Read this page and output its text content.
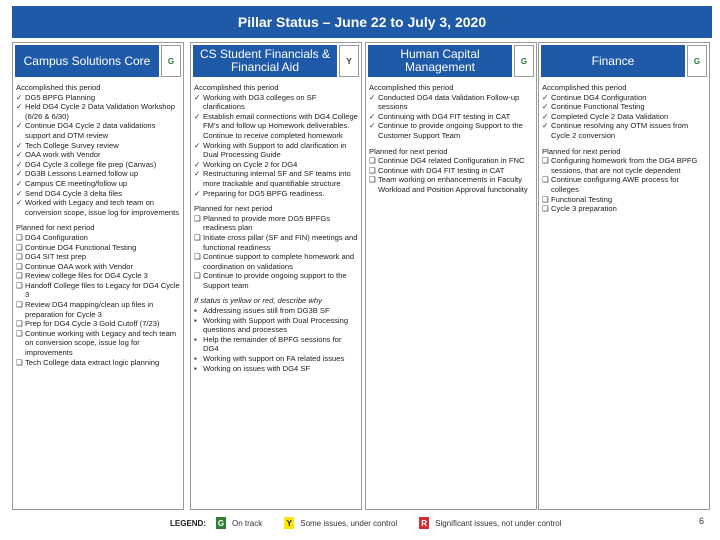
Pillar Status – June 22 to July 3, 2020
Campus Solutions Core	G
Accomplished this period
✓ DG5 BPFG Planning
✓ Held DG4 Cycle 2 Data Validation Workshop (6/26 & 6/30)
✓ Continue DG4 Cycle 2 data validations support and OTM review
✓ Tech College Survey review
✓ OAA work with Vendor
✓ DG4 Cycle 3 college file prep (Canvas)
✓ DG3B Lessons Learned follow up
✓ Campus CE meeting/follow up
✓ Send DG4 Cycle 3 delta files
✓ Worked with Legacy and tech team on conversion scope, issue log for improvements
Planned for next period
❑ DG4 Configuration
❑ Continue DG4 Functional Testing
❑ DG4 SIT test prep
❑ Continue OAA work with Vendor
❑ Review college files for DG4 Cycle 3
❑ Handoff College files to Legacy for DG4 Cycle 3
❑ Review DG4 mapping/clean up files in preparation for Cycle 3
❑ Prep for DG4 Cycle 3 Gold Cutoff (7/23)
❑ Continue working with Legacy and tech team on conversion scope, issue log for improvements
❑ Tech College data extract logic planning
CS Student Financials & Financial Aid	Y
Accomplished this period
✓ Working with DG3 colleges on SF clarifications
✓ Establish email connections with DG4 College FM’s and follow up Homework deliverables. Continue to receive completed homework
✓ Working with Support to add clarification in Dual Processing Guide
✓ Working on Cycle 2 for DG4
✓ Restructuring internal SF and SF teams into more trackable and quantifiable structure
✓ Preparing for DG5 BPFG readiness.
Planned for next period
❑ Planned to provide more DG5 BPFGs readiness plan
❑ Initiate cross pillar (SF and FIN) meetings and functional readiness
❑ Continue support to complete homework and coordination on validations
❑ Continue to provide ongoing support to the Support team
If status is yellow or red, describe why
▪ Addressing issues still from DG3B SF
▪ Working with Support with Dual Processing questions and processes
▪ Help the remainder of BPFG sessions for DG4
▪ Working with support on FA related issues
▪ Working on issues with DG4 SF
Human Capital Management	G
Accomplished this period
✓ Conducted DG4 data Validation Follow-up sessions
✓ Continuing with DG4 FIT testing in CAT
✓ Continue to provide ongoing Support to the Customer Support Team
Planned for next period
❑ Continue DG4 related Configuration in FNC
❑ Continue with DG4 FIT testing in CAT
❑ Team working on enhancements in Faculty Workload and Position Approval functionality
Finance	G
Accomplished this period
✓ Continue DG4 Configuration
✓ Continue Functional Testing
✓ Completed Cycle 2 Data Validation
✓ Continue resolving any OTM issues from Cycle 2 conversion
Planned for next period
❑ Configuring homework from the DG4 BPFG sessions, that are not cycle dependent
❑ Continue configuring AWE process for colleges
❑ Functional Testing
❑ Cycle 3 preparation
LEGEND: G On track	Y Some issues, under control	R Significant issues, not under control	6
